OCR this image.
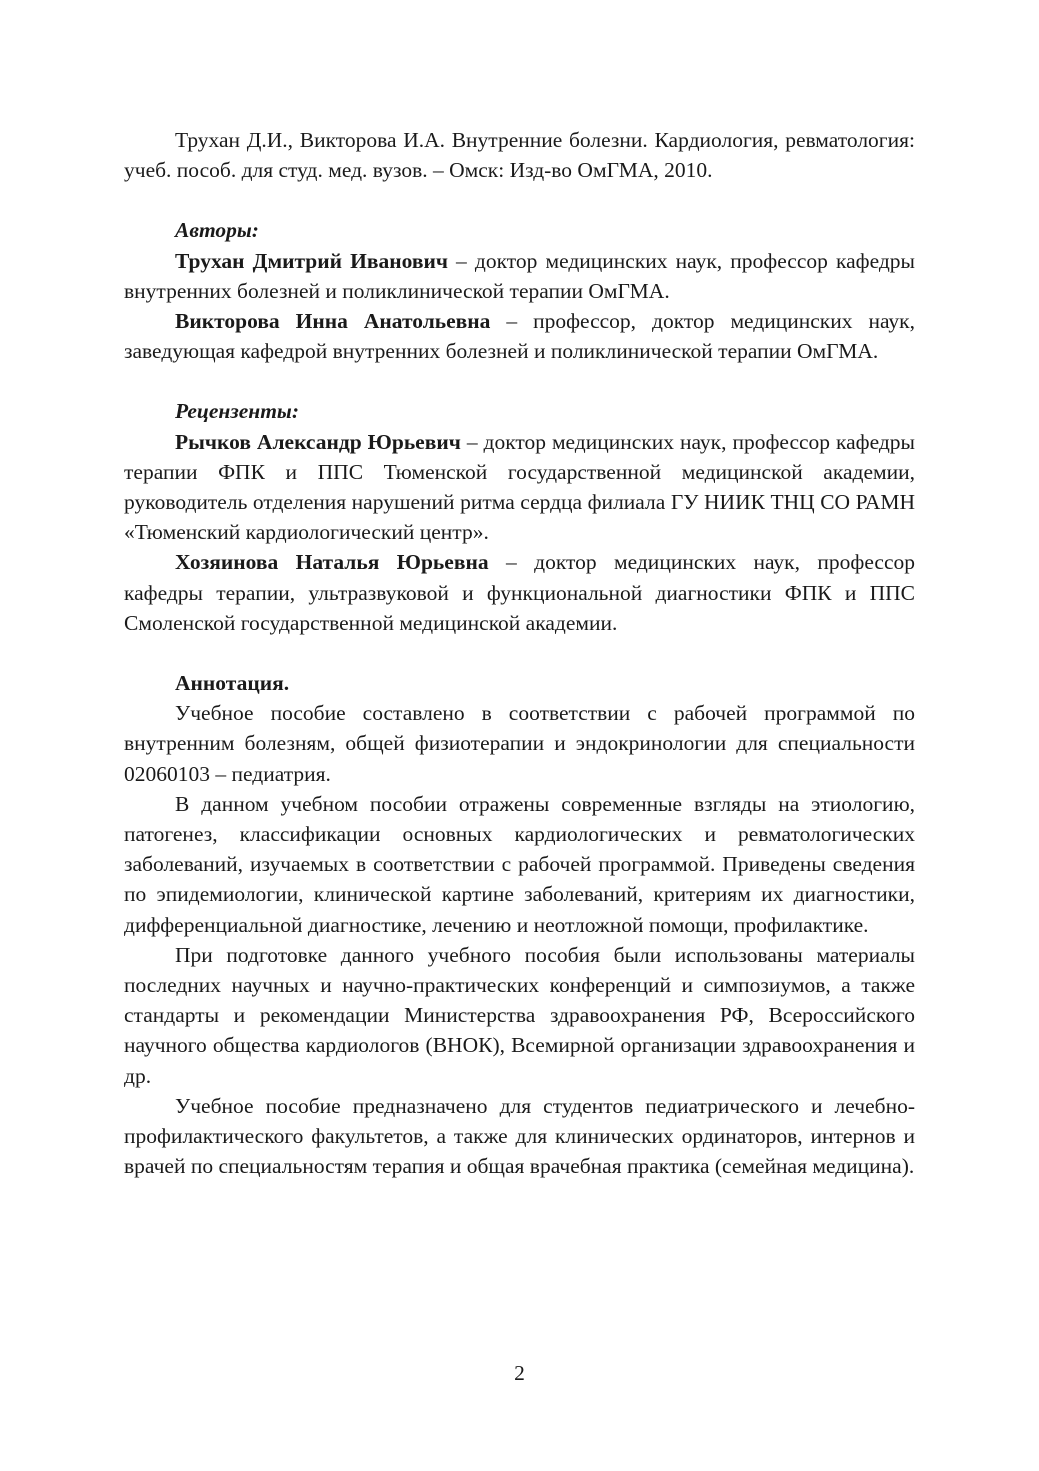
Трухан Д.И., Викторова И.А. Внутренние болезни. Кардиология, ревматология: учеб. пособ. для студ. мед. вузов. – Омск: Изд-во ОмГМА, 2010.

Авторы:

Трухан Дмитрий Иванович – доктор медицинских наук, профессор кафедры внутренних болезней и поликлинической терапии ОмГМА.

Викторова Инна Анатольевна – профессор, доктор медицинских наук, заведующая кафедрой внутренних болезней и поликлинической терапии ОмГМА.

Рецензенты:

Рычков Александр Юрьевич – доктор медицинских наук, профессор кафедры терапии ФПК и ППС Тюменской государственной медицинской академии, руководитель отделения нарушений ритма сердца филиала ГУ НИИК ТНЦ СО РАМН «Тюменский кардиологический центр».

Хозяинова Наталья Юрьевна – доктор медицинских наук, профессор кафедры терапии, ультразвуковой и функциональной диагностики ФПК и ППС Смоленской государственной медицинской академии.

Аннотация.

Учебное пособие составлено в соответствии с рабочей программой по внутренним болезням, общей физиотерапии и эндокринологии для специальности 02060103 – педиатрия.

В данном учебном пособии отражены современные взгляды на этиологию, патогенез, классификации основных кардиологических и ревматологических заболеваний, изучаемых в соответствии с рабочей программой. Приведены сведения по эпидемиологии, клинической картине заболеваний, критериям их диагностики, дифференциальной диагностике, лечению и неотложной помощи, профилактике.

При подготовке данного учебного пособия были использованы материалы последних научных и научно-практических конференций и симпозиумов, а также стандарты и рекомендации Министерства здравоохранения РФ, Всероссийского научного общества кардиологов (ВНОК), Всемирной организации здравоохранения и др.

Учебное пособие предназначено для студентов педиатрического и лечебно-профилактического факультетов, а также для клинических ординаторов, интернов и врачей по специальностям терапия и общая врачебная практика (семейная медицина).

2
